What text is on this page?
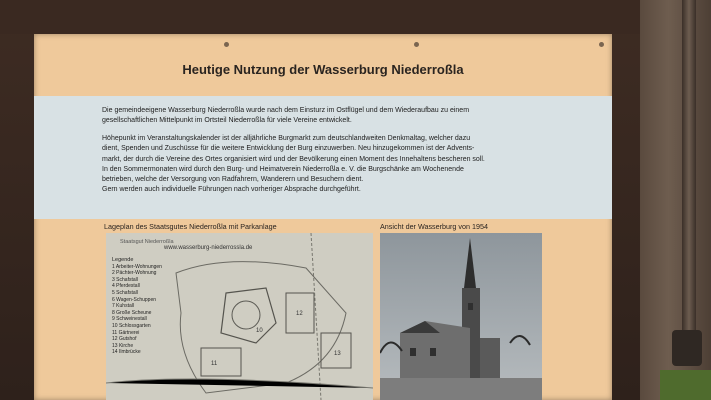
Heutige Nutzung der Wasserburg Niederroßla

Die gemeindeeigene Wasserburg Niederroßla wurde nach dem Einsturz im Ostflügel und dem Wiederaufbau zu einem
gesellschaftlichen Mittelpunkt im Ortsteil Niederroßla für viele Vereine entwickelt.

Höhepunkt im Veranstaltungskalender ist der alljährliche Burgmarkt zum deutschlandweiten Denkmaltag, welcher dazu
dient, Spenden und Zuschüsse für die weitere Entwicklung der Burg einzuwerben. Neu hinzugekommen ist der Advents-
markt, der durch die Vereine des Ortes organisiert wird und der Bevölkerung einen Moment des Innehaltens bescheren soll.
In den Sommermonaten wird durch den Burg- und Heimatverein Niederroßla e. V. die Burgschänke am Wochenende
betrieben, welche der Versorgung von Radfahrern, Wanderern und Besuchern dient.
Gern werden auch individuelle Führungen nach vorheriger Absprache durchgeführt.

Lageplan des Staatsgutes Niederroßla mit Parkanlage	Ansicht der Wasserburg von 1954
Staatsgut Niederroßla
www.wasserburg-niederrossla.de
Legende
1 Arbeiter-Wohnungen
2 Pächter-Wohnung
3 Schafstall
4 Pferdestall
5 Schafstall
6 Wagen-Schuppen
7 Kuhstall
8 Große Scheune
9 Schweinestall
10 Schlossgarten
11 Gärtnerei
12 Gutshof
13 Kirche
14 Ilmbrücke
10
11
12
13
